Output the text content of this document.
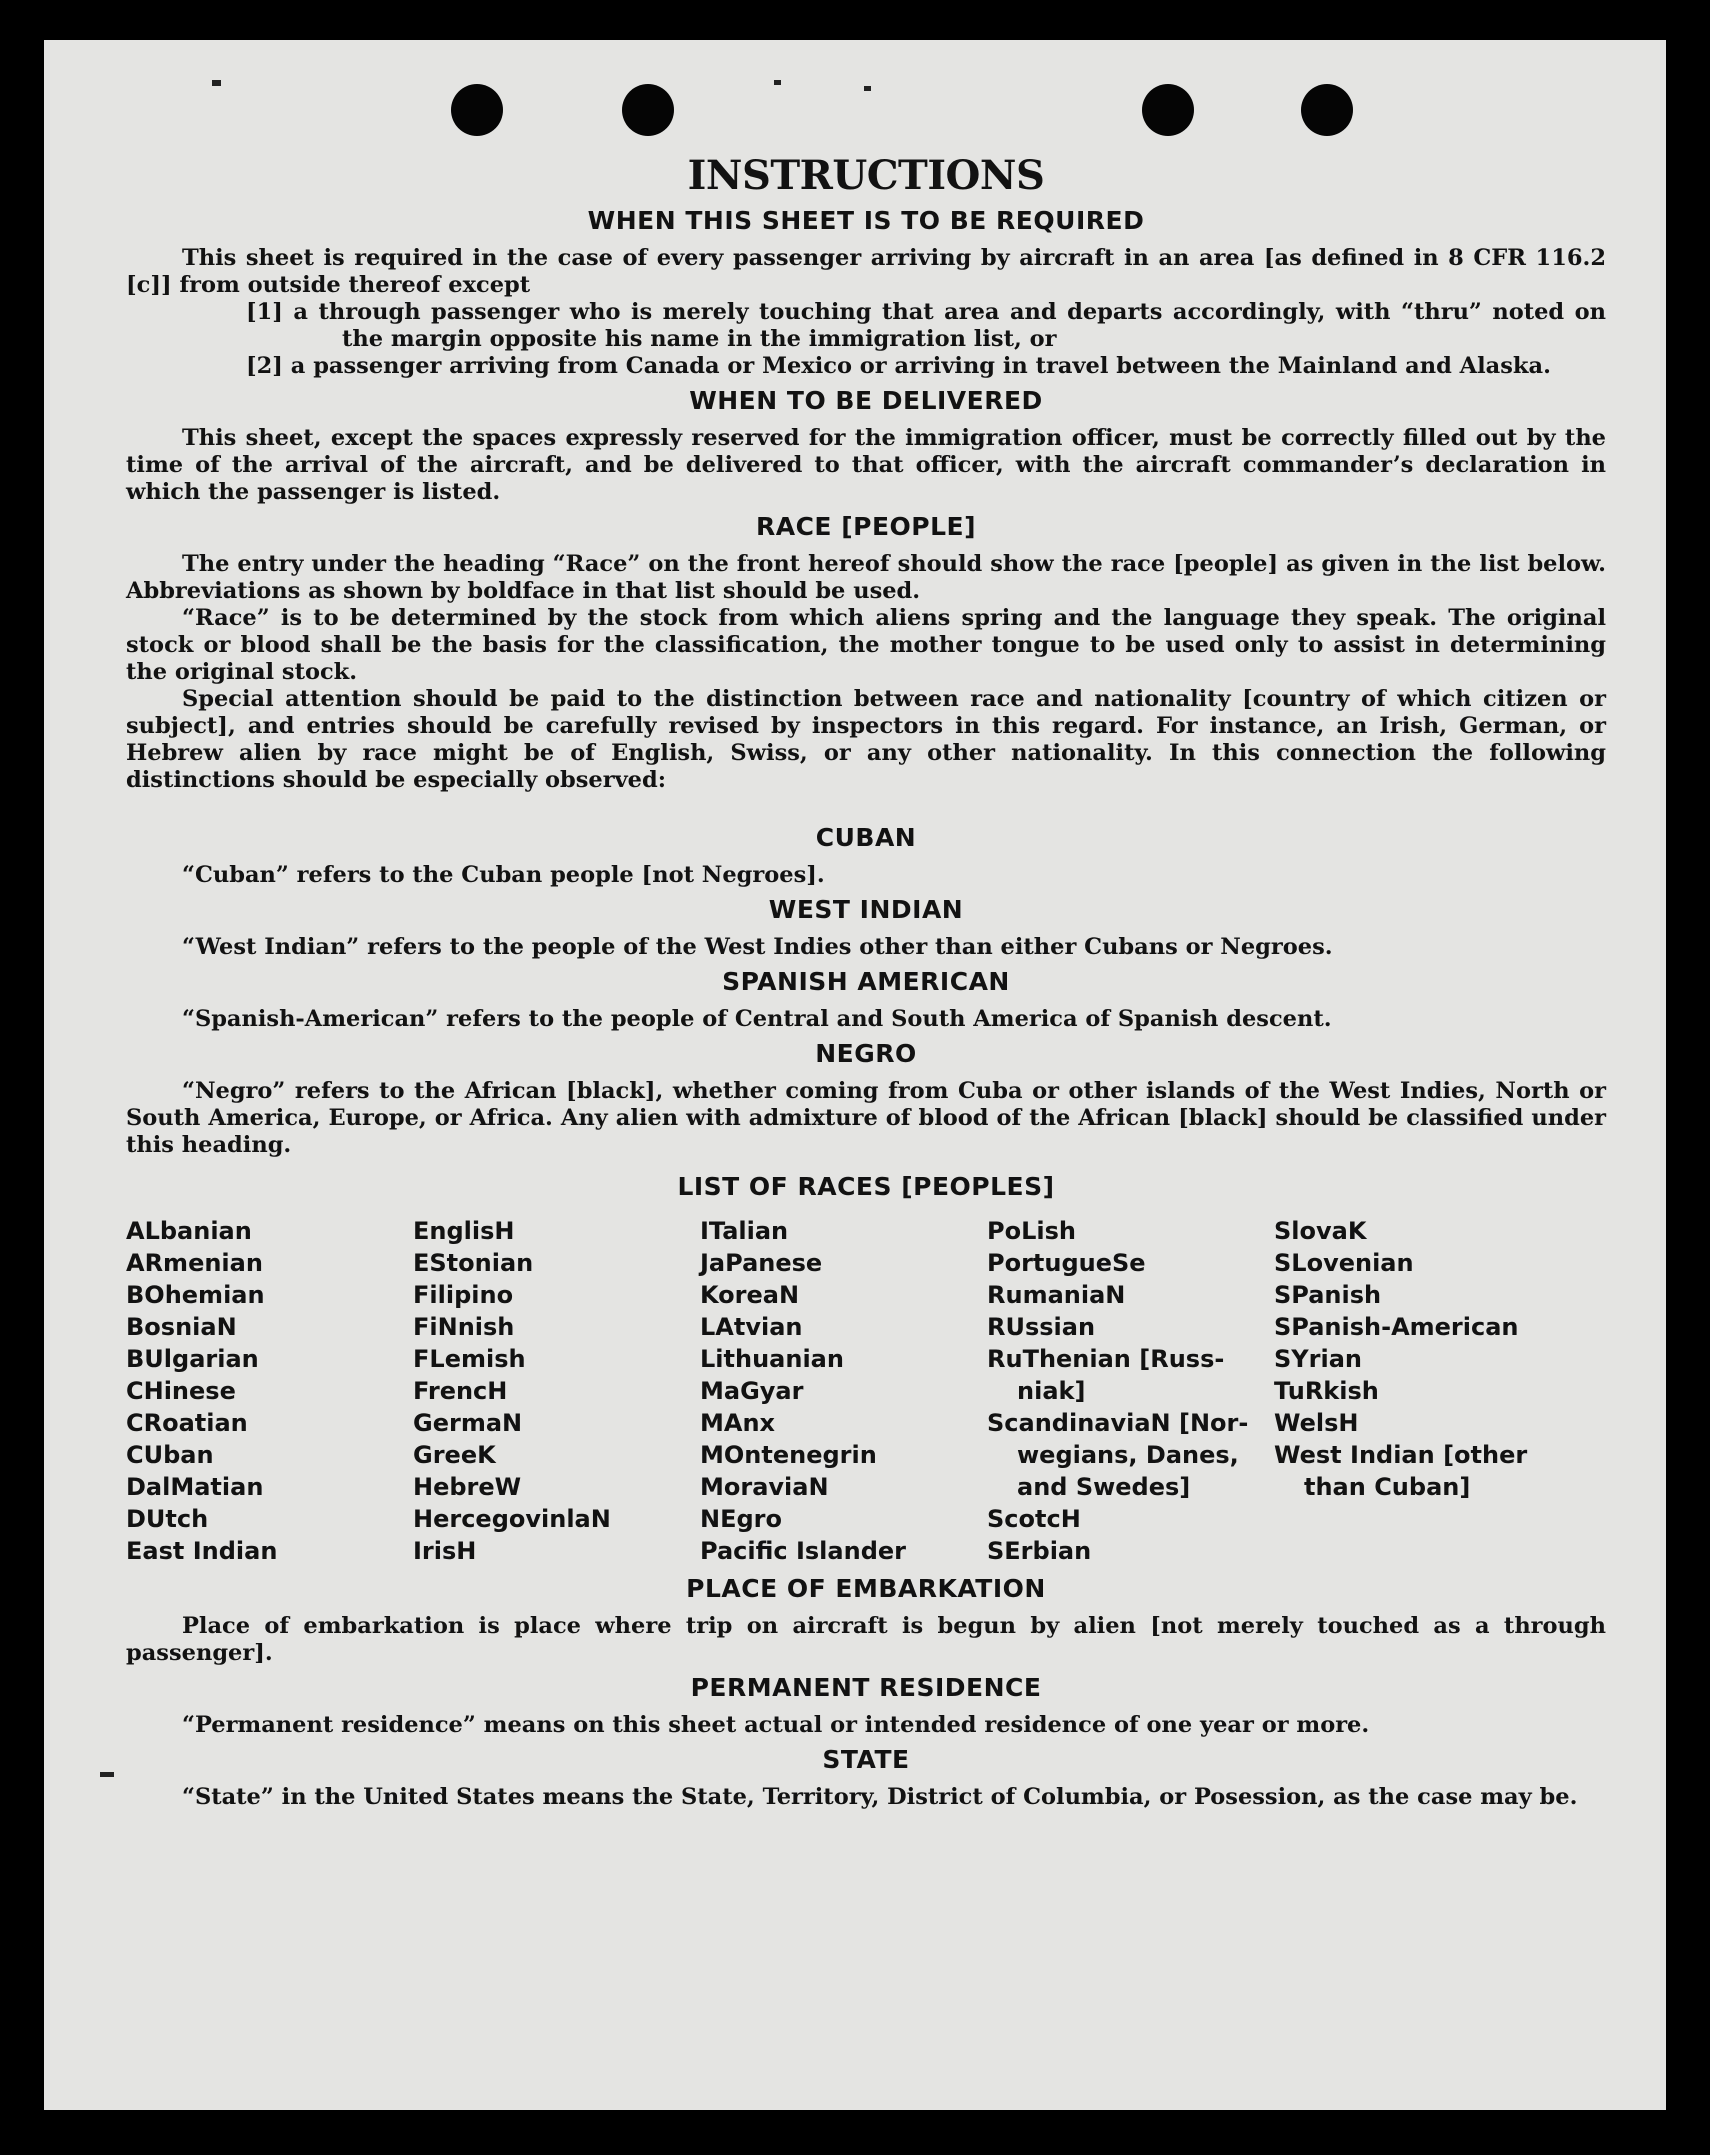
INSTRUCTIONS
WHEN THIS SHEET IS TO BE REQUIRED

This sheet is required in the case of every passenger arriving by aircraft in an area [as defined in 8 CFR 116.2 [c]] from outside thereof except

[1] a through passenger who is merely touching that area and departs accordingly, with “thru” noted on the margin opposite his name in the immigration list, or

[2] a passenger arriving from Canada or Mexico or arriving in travel between the Mainland and Alaska.

WHEN TO BE DELIVERED

This sheet, except the spaces expressly reserved for the immigration officer, must be correctly filled out by the time of the arrival of the aircraft, and be delivered to that officer, with the aircraft commander’s declaration in which the passenger is listed.

RACE [PEOPLE]

The entry under the heading “Race” on the front hereof should show the race [people] as given in the list below. Abbreviations as shown by boldface in that list should be used.

“Race” is to be determined by the stock from which aliens spring and the language they speak. The original stock or blood shall be the basis for the classification, the mother tongue to be used only to assist in determining the original stock.

Special attention should be paid to the distinction between race and nationality [country of which citizen or subject], and entries should be carefully revised by inspectors in this regard. For instance, an Irish, German, or Hebrew alien by race might be of English, Swiss, or any other nationality. In this connection the following distinctions should be especially observed:

CUBAN

“Cuban” refers to the Cuban people [not Negroes].

WEST INDIAN

“West Indian” refers to the people of the West Indies other than either Cubans or Negroes.

SPANISH AMERICAN

“Spanish-American” refers to the people of Central and South America of Spanish descent.

NEGRO

“Negro” refers to the African [black], whether coming from Cuba or other islands of the West Indies, North or South America, Europe, or Africa. Any alien with admixture of blood of the African [black] should be classified under this heading.

LIST OF RACES [PEOPLES]
ALbanian
ARmenian
BOhemian
BosniaN
BUlgarian
CHinese
CRoatian
CUban
DalMatian
DUtch
East Indian
EnglisH
EStonian
Filipino
FiNnish
FLemish
FrencH
GermaN
GreeK
HebreW
HercegovinlaN
IrisH
ITalian
JaPanese
KoreaN
LAtvian
Lithuanian
MaGyar
MAnx
MOntenegrin
MoraviaN
NEgro
Pacific Islander
PoLish
PortugueSe
RumaniaN
RUssian
RuThenian [Russ-
niak]
ScandinaviaN [Nor-
wegians, Danes,
and Swedes]
ScotcH
SErbian
SlovaK
SLovenian
SPanish
SPanish-American
SYrian
TuRkish
WelsH
West Indian [other
than Cuban]
PLACE OF EMBARKATION

Place of embarkation is place where trip on aircraft is begun by alien [not merely touched as a through passenger].

PERMANENT RESIDENCE

“Permanent residence” means on this sheet actual or intended residence of one year or more.

STATE

“State” in the United States means the State, Territory, District of Columbia, or Posession, as the case may be.
